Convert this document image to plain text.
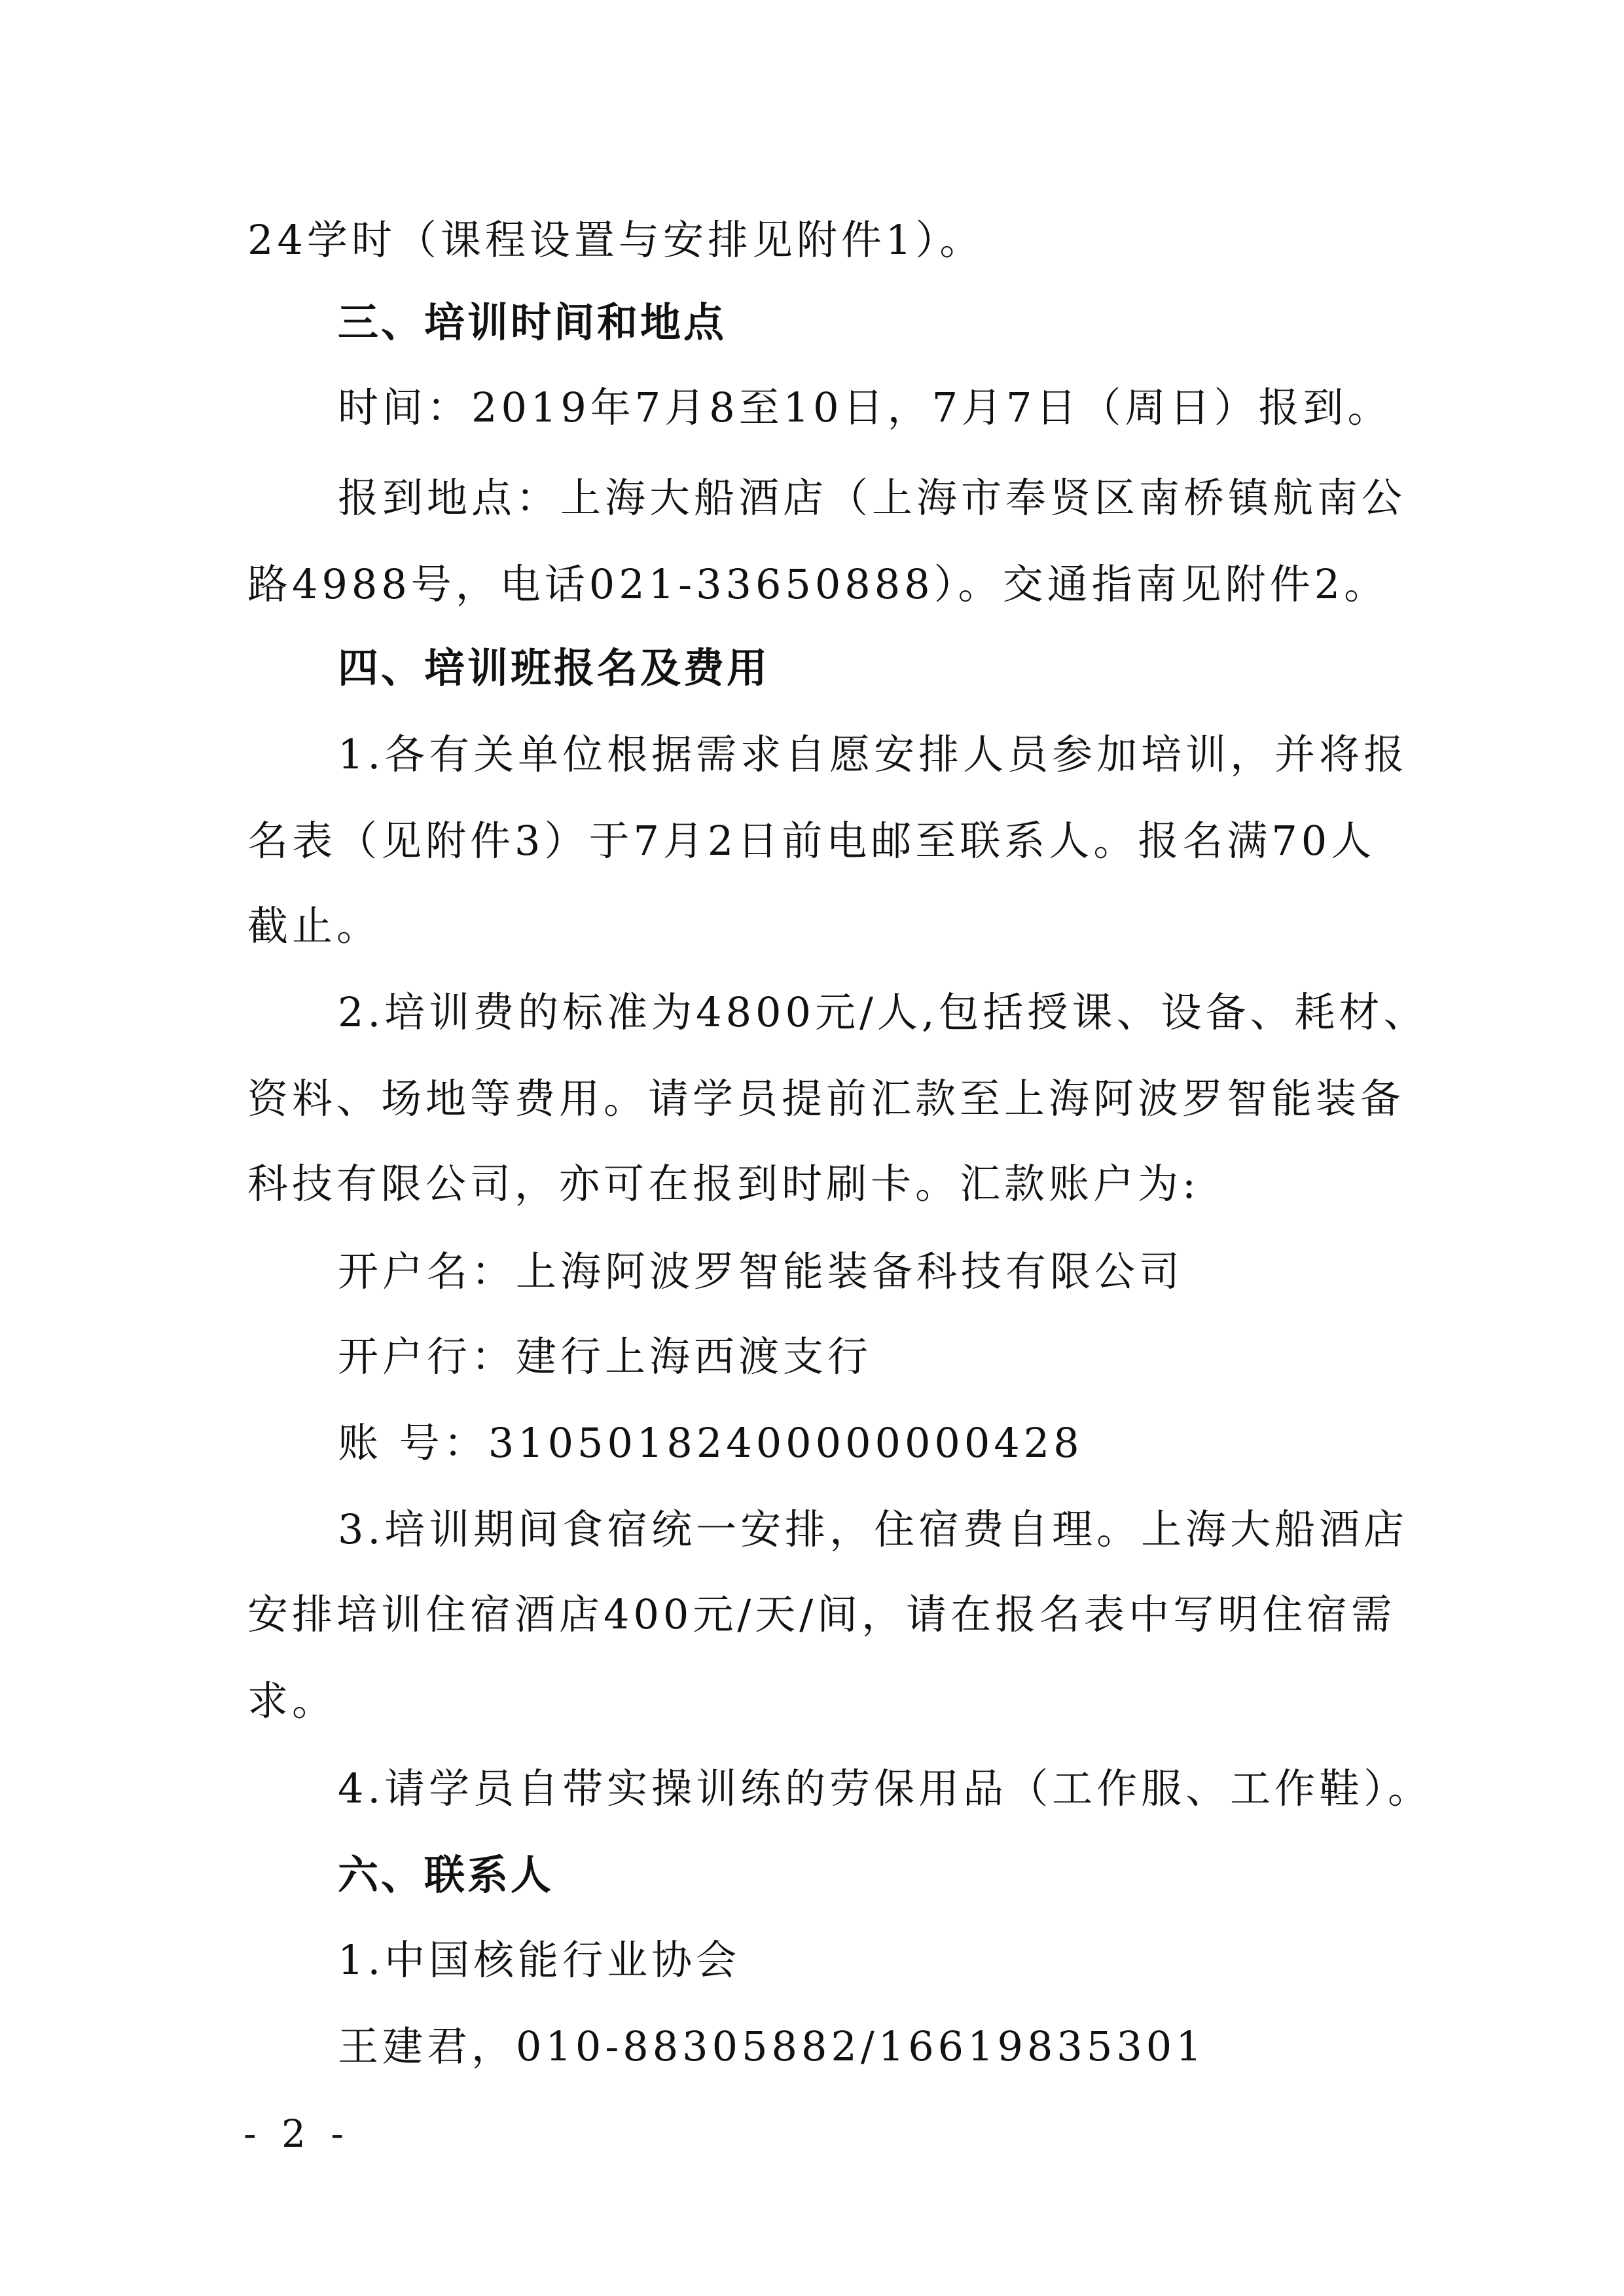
24学时（课程设置与安排见附件1）。
三、培训时间和地点
时间：2019年7月8至10日，7月7日（周日）报到。
报到地点：上海大船酒店（上海市奉贤区南桥镇航南公
路4988号，电话021-33650888）。交通指南见附件2。
四、培训班报名及费用
1.各有关单位根据需求自愿安排人员参加培训，并将报
名表（见附件3）于7月2日前电邮至联系人。报名满70人
截止。
2.培训费的标准为4800元/人,包括授课、设备、耗材、
资料、场地等费用。请学员提前汇款至上海阿波罗智能装备
科技有限公司，亦可在报到时刷卡。汇款账户为:
开户名：上海阿波罗智能装备科技有限公司
开户行：建行上海西渡支行
账 号：31050182400000000428
3.培训期间食宿统一安排，住宿费自理。上海大船酒店
安排培训住宿酒店400元/天/间，请在报名表中写明住宿需
求。
4.请学员自带实操训练的劳保用品（工作服、工作鞋）。
六、联系人
1.中国核能行业协会
王建君，010-88305882/16619835301
- 2 -
